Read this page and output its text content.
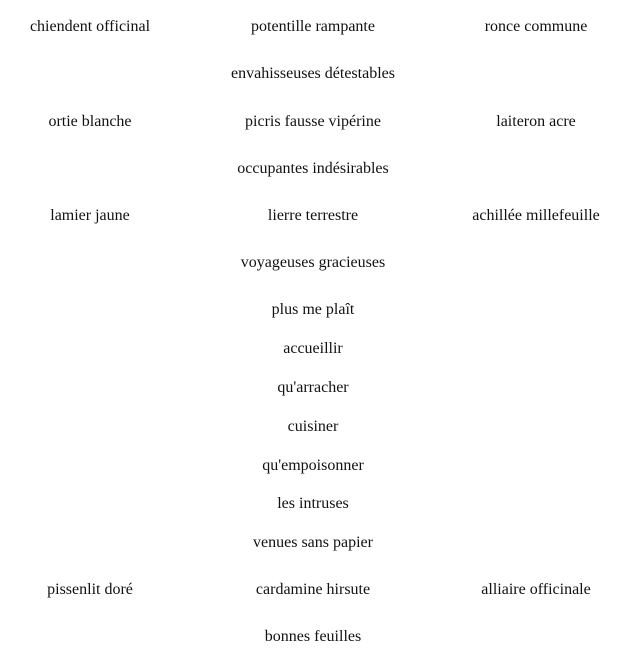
chiendent officinal	potentille rampante	ronce commune
envahisseuses détestables
ortie blanche	picris fausse vipérine	laiteron acre
occupantes indésirables
lamier jaune	lierre terrestre	achillée millefeuille
voyageuses gracieuses
plus me plaît
accueillir
qu'arracher
cuisiner
qu'empoisonner
les intruses
venues sans papier
pissenlit doré	cardamine hirsute	alliaire officinale
bonnes feuilles
